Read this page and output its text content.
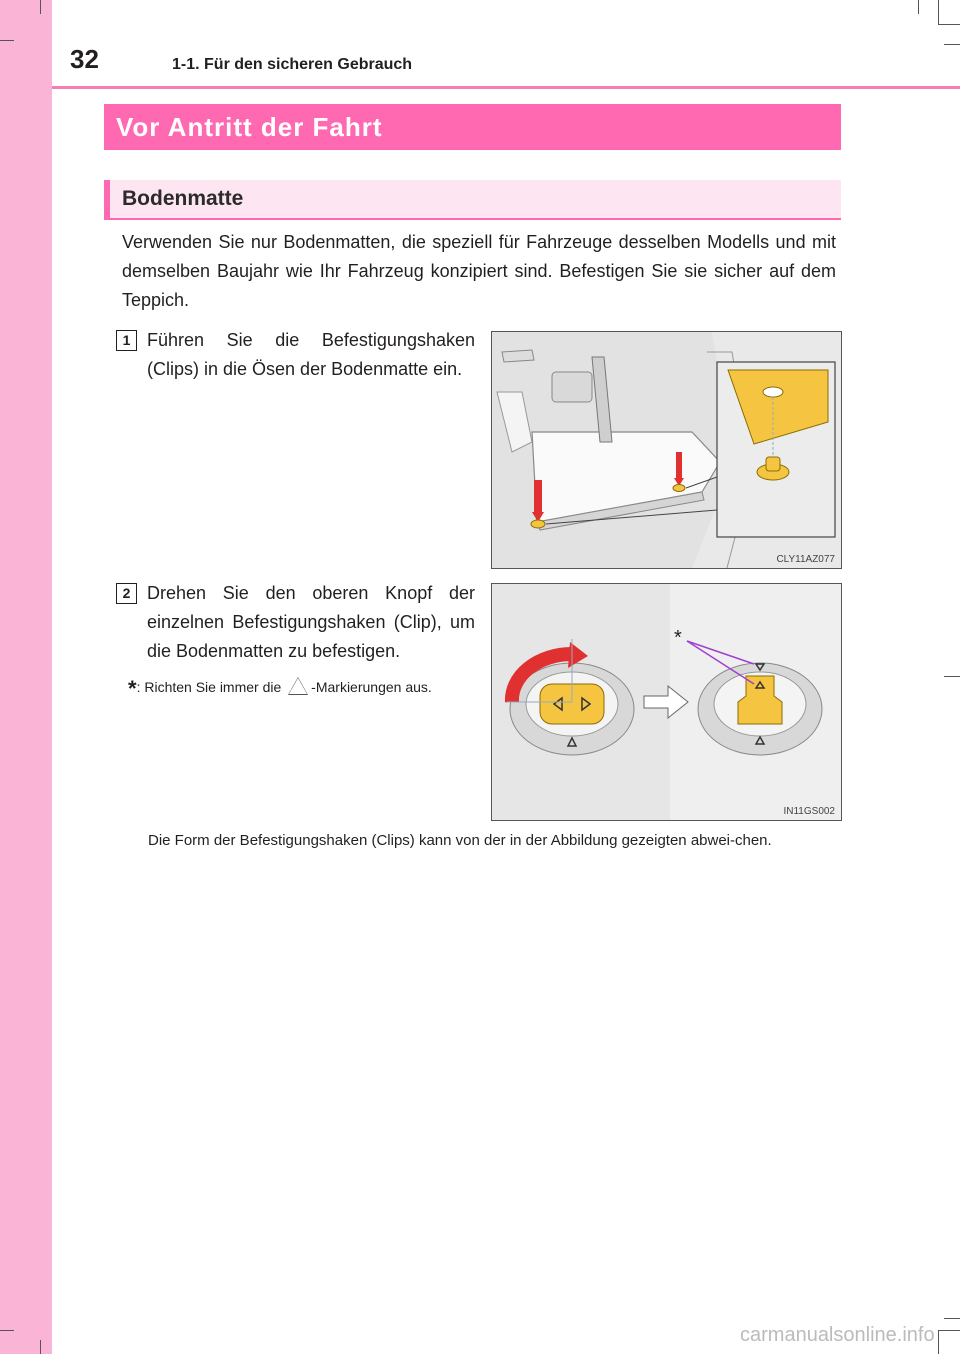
32	1-1. Für den sicheren Gebrauch
Vor Antritt der Fahrt
Bodenmatte
Verwenden Sie nur Bodenmatten, die speziell für Fahrzeuge desselben Modells und mit demselben Baujahr wie Ihr Fahrzeug konzipiert sind. Befestigen Sie sie sicher auf dem Teppich.
1 Führen Sie die Befestigungshaken (Clips) in die Ösen der Bodenmatte ein.
CLY11AZ077
2 Drehen Sie den oberen Knopf der einzelnen Befestigungshaken (Clip), um die Bodenmatten zu befestigen.
*: Richten Sie immer die -Markierungen aus.
*
IN11GS002
Die Form der Befestigungshaken (Clips) kann von der in der Abbildung gezeigten abwei-chen.
carmanualsonline.info
